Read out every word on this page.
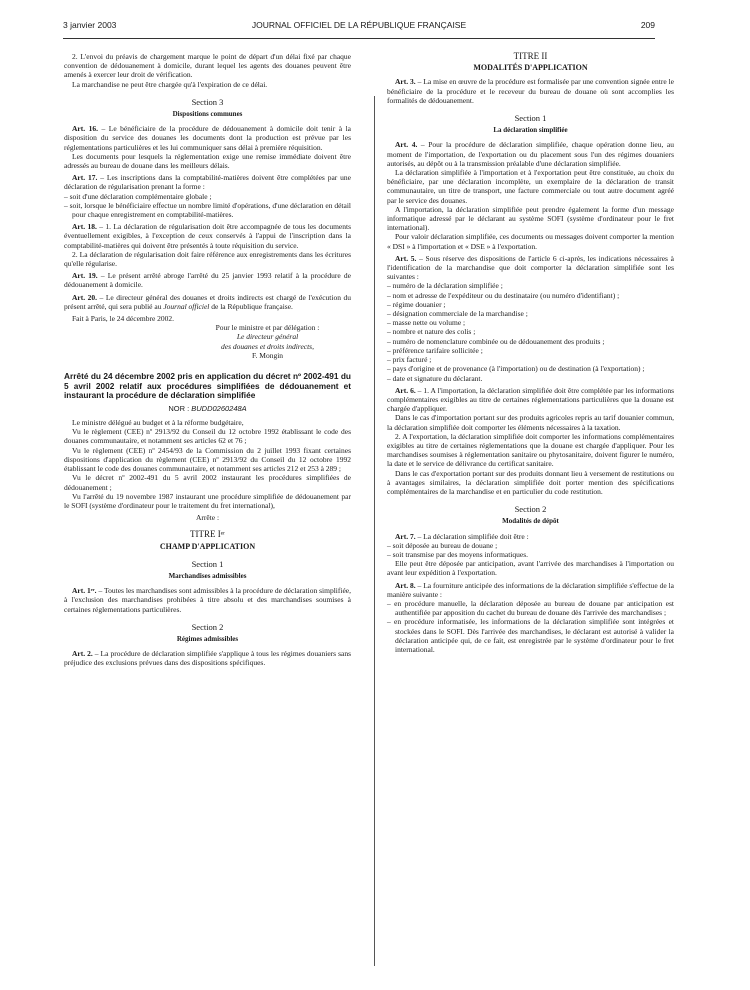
3 janvier 2003	JOURNAL OFFICIEL DE LA RÉPUBLIQUE FRANÇAISE	209

2. L'envoi du préavis de chargement marque le point de départ d'un délai fixé par chaque convention de dédouanement à domicile, durant lequel les agents des douanes peuvent être amenés à exercer leur droit de vérification.

La marchandise ne peut être chargée qu'à l'expiration de ce délai.

Section 3
Dispositions communes

Art. 16. – Le bénéficiaire de la procédure de dédouanement à domicile doit tenir à la disposition du service des douanes les documents dont la production est prévue par les réglementations particulières et les lui communiquer sans délai à première réquisition.

Les documents pour lesquels la réglementation exige une remise immédiate doivent être adressés au bureau de douane dans les meilleurs délais.

Art. 17. – Les inscriptions dans la comptabilité-matières doivent être complétées par une déclaration de régularisation prenant la forme :

– soit d'une déclaration complémentaire globale ;
– soit, lorsque le bénéficiaire effectue un nombre limité d'opérations, d'une déclaration en détail pour chaque enregistrement en comptabilité-matières.

Art. 18. – 1. La déclaration de régularisation doit être accompagnée de tous les documents éventuellement exigibles, à l'exception de ceux conservés à l'appui de l'inscription dans la comptabilité-matières qui doivent être présentés à toute réquisition du service.

2. La déclaration de régularisation doit faire référence aux enregistrements dans les écritures qu'elle régularise.

Art. 19. – Le présent arrêté abroge l'arrêté du 25 janvier 1993 relatif à la procédure de dédouanement à domicile.

Art. 20. – Le directeur général des douanes et droits indirects est chargé de l'exécution du présent arrêté, qui sera publié au Journal officiel de la République française.

Fait à Paris, le 24 décembre 2002.

Pour le ministre et par délégation :
Le directeur général
des douanes et droits indirects,
F. Mongin
Arrêté du 24 décembre 2002 pris en application du décret nº 2002-491 du 5 avril 2002 relatif aux procédures simplifiées de dédouanement et instaurant la procédure de déclaration simplifiée
NOR : BUDD0260248A

Le ministre délégué au budget et à la réforme budgétaire,

Vu le règlement (CEE) nº 2913/92 du Conseil du 12 octobre 1992 établissant le code des douanes communautaire, et notamment ses articles 62 et 76 ;

Vu le règlement (CEE) nº 2454/93 de la Commission du 2 juillet 1993 fixant certaines dispositions d'application du règlement (CEE) nº 2913/92 du Conseil du 12 octobre 1992 établissant le code des douanes communautaire, et notamment ses articles 212 et 253 à 289 ;

Vu le décret nº 2002-491 du 5 avril 2002 instaurant les procédures simplifiées de dédouanement ;

Vu l'arrêté du 19 novembre 1987 instaurant une procédure simplifiée de dédouanement par le SOFI (système d'ordinateur pour le traitement du fret international),

Arrête :

TITRE Iᵉʳ
CHAMP D'APPLICATION
Section 1
Marchandises admissibles

Art. 1ᵉʳ. – Toutes les marchandises sont admissibles à la procédure de déclaration simplifiée, à l'exclusion des marchandises prohibées à titre absolu et des marchandises soumises à certaines réglementations particulières.

Section 2
Régimes admissibles

Art. 2. – La procédure de déclaration simplifiée s'applique à tous les régimes douaniers sans préjudice des exclusions prévues dans des dispositions spécifiques.

TITRE II
MODALITÉS D'APPLICATION

Art. 3. – La mise en œuvre de la procédure est formalisée par une convention signée entre le bénéficiaire de la procédure et le receveur du bureau de douane où sont accomplies les formalités de dédouanement.

Section 1
La déclaration simplifiée

Art. 4. – Pour la procédure de déclaration simplifiée, chaque opération donne lieu, au moment de l'importation, de l'exportation ou du placement sous l'un des régimes douaniers autorisés, au dépôt ou à la transmission préalable d'une déclaration simplifiée.

La déclaration simplifiée à l'importation et à l'exportation peut être constituée, au choix du bénéficiaire, par une déclaration incomplète, un exemplaire de la déclaration de transit communautaire, un titre de transport, une facture commerciale ou tout autre document agréé par le service des douanes.

A l'importation, la déclaration simplifiée peut prendre également la forme d'un message informatique adressé par le déclarant au système SOFI (système d'ordinateur pour le fret international).

Pour valoir déclaration simplifiée, ces documents ou messages doivent comporter la mention « DSI » à l'importation et « DSE » à l'exportation.

Art. 5. – Sous réserve des dispositions de l'article 6 ci-après, les indications nécessaires à l'identification de la marchandise que doit comporter la déclaration simplifiée sont les suivantes :

– numéro de la déclaration simplifiée ;
– nom et adresse de l'expéditeur ou du destinataire (ou numéro d'identifiant) ;
– régime douanier ;
– désignation commerciale de la marchandise ;
– masse nette ou volume ;
– nombre et nature des colis ;
– numéro de nomenclature combinée ou de dédouanement des produits ;
– préférence tarifaire sollicitée ;
– prix facturé ;
– pays d'origine et de provenance (à l'importation) ou de destination (à l'exportation) ;
– date et signature du déclarant.

Art. 6. – 1. A l'importation, la déclaration simplifiée doit être complétée par les informations complémentaires exigibles au titre de certaines réglementations particulières que la douane est chargée d'appliquer.

Dans le cas d'importation portant sur des produits agricoles repris au tarif douanier commun, la déclaration simplifiée doit comporter les éléments nécessaires à la taxation.

2. A l'exportation, la déclaration simplifiée doit comporter les informations complémentaires exigibles au titre de certaines réglementations que la douane est chargée d'appliquer. Pour les marchandises soumises à réglementation sanitaire ou phytosanitaire, doivent figurer le numéro, la date et le service de délivrance du certificat sanitaire.

Dans le cas d'exportation portant sur des produits donnant lieu à versement de restitutions ou à avantages similaires, la déclaration simplifiée doit porter mention des spécifications complémentaires de la marchandise et en particulier du code restitution.

Section 2
Modalités de dépôt

Art. 7. – La déclaration simplifiée doit être :

– soit déposée au bureau de douane ;
– soit transmise par des moyens informatiques.

Elle peut être déposée par anticipation, avant l'arrivée des marchandises à l'importation ou avant leur expédition à l'exportation.

Art. 8. – La fourniture anticipée des informations de la déclaration simplifiée s'effectue de la manière suivante :

– en procédure manuelle, la déclaration déposée au bureau de douane par anticipation est authentifiée par apposition du cachet du bureau de douane dès l'arrivée des marchandises ;
– en procédure informatisée, les informations de la déclaration simplifiée sont intégrées et stockées dans le SOFI. Dès l'arrivée des marchandises, le déclarant est autorisé à valider la déclaration anticipée qui, de ce fait, est enregistrée par le système d'ordinateur pour le fret international.
